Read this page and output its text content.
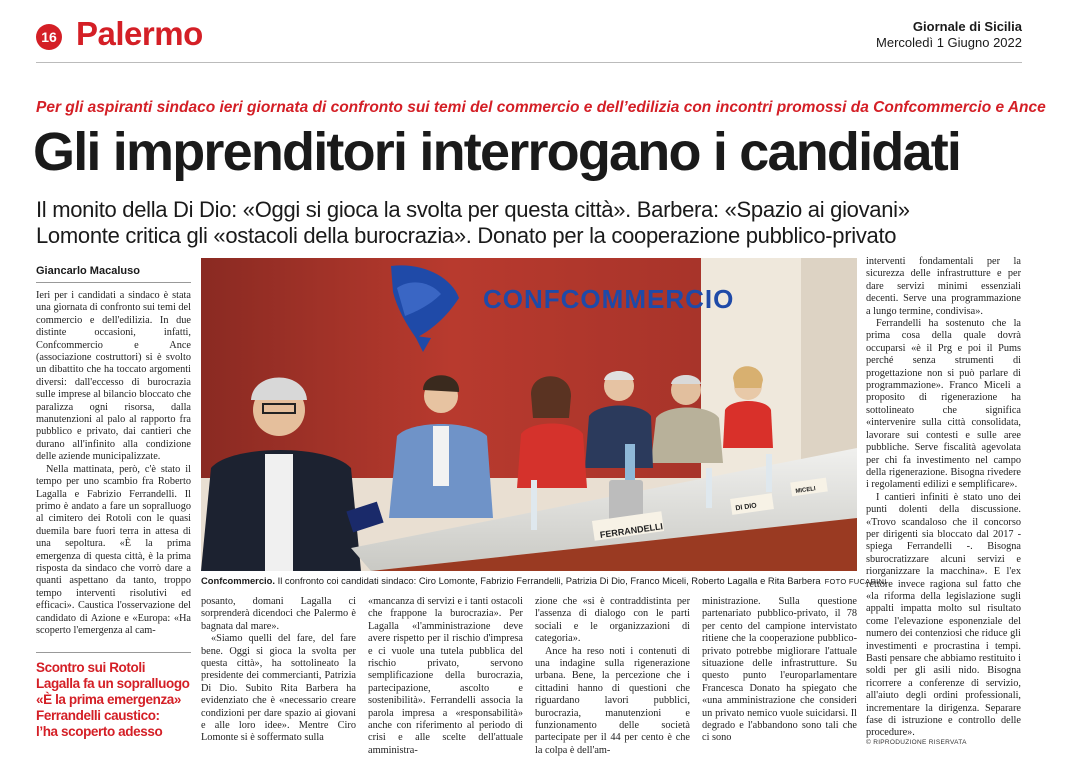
16 Palermo	Giornale di Sicilia
Mercoledì 1 Giugno 2022
Per gli aspiranti sindaco ieri giornata di confronto sui temi del commercio e dell’edilizia con incontri promossi da Confcommercio e Ance
Gli imprenditori interrogano i candidati
Il monito della Di Dio: «Oggi si gioca la svolta per questa città». Barbera: «Spazio ai giovani»
Lomonte critica gli «ostacoli della burocrazia». Donato per la cooperazione pubblico-privato
Giancarlo Macaluso

Ieri per i candidati a sindaco è stata una giornata di confronto sui temi del commercio e dell'edilizia. In due distinte occasioni, infatti, Confcommercio e Ance (associazione costruttori) si è svolto un dibattito che ha toccato argomenti diversi: dall'eccesso di burocrazia sulle imprese al bilancio bloccato che paralizza ogni risorsa, dalla manutenzioni al palo al rapporto fra pubblico e privato, dai cantieri che durano all'infinito alla condizione delle aziende municipalizzate.

Nella mattinata, però, c'è stato il tempo per uno scambio fra Roberto Lagalla e Fabrizio Ferrandelli. Il primo è andato a fare un sopralluogo al cimitero dei Rotoli con le quasi duemila bare fuori terra in attesa di una sepoltura. «È la prima emergenza di questa città, è la prima risposta da sindaco che vorrò dare a quanti aspettano da tanto, troppo tempo interventi risolutivi ed efficaci». Caustica l'osservazione del candidato di Azione e «Europa: «Ha scoperto l'emergenza al cam-

Scontro sui Rotoli
Lagalla fa un sopralluogo
«È la prima emergenza»
Ferrandelli caustico:
l’ha scoperto adesso
CONFCOMMERCIO
FERRANDELLI
DI DIO
MICELI
Confcommercio. Il confronto coi candidati sindaco: Ciro Lomonte, Fabrizio Ferrandelli, Patrizia Di Dio, Franco Miceli, Roberto Lagalla e Rita Barbera FOTO FUCARINI

posanto, domani Lagalla ci sorprenderà dicendoci che Palermo è bagnata dal mare».

«Siamo quelli del fare, del fare bene. Oggi si gioca la svolta per questa città», ha sottolineato la presidente dei commercianti, Patrizia Di Dio. Subito Rita Barbera ha evidenziato che è «necessario creare condizioni per dare spazio ai giovani e alle loro idee». Mentre Ciro Lomonte si è soffermato sulla

«mancanza di servizi e i tanti ostacoli che frappone la burocrazia». Per Lagalla «l'amministrazione deve avere rispetto per il rischio d'impresa e ci vuole una tutela pubblica del rischio privato, servono semplificazione della burocrazia, partecipazione, ascolto e sostenibilità». Ferrandelli associa la parola impresa a «responsabilità» anche con riferimento al periodo di crisi e alle scelte dell'attuale amministra-

zione che «si è contraddistinta per l'assenza di dialogo con le parti sociali e le organizzazioni di categoria».

Ance ha reso noti i contenuti di una indagine sulla rigenerazione urbana. Bene, la percezione che i cittadini hanno di questioni che riguardano lavori pubblici, burocrazia, manutenzioni e funzionamento delle società partecipate per il 44 per cento è che la colpa è dell'am-

ministrazione. Sulla questione partenariato pubblico-privato, il 78 per cento del campione intervistato ritiene che la cooperazione pubblico-privato potrebbe migliorare l'attuale situazione delle infrastrutture. Su questo punto l'europarlamentare Francesca Donato ha spiegato che «una amministrazione che consideri un privato nemico vuole suicidarsi. Il degrado e l'abbandono sono tali che ci sono

interventi fondamentali per la sicurezza delle infrastrutture e per dare servizi minimi essenziali decenti. Serve una programmazione a lungo termine, condivisa».

Ferrandelli ha sostenuto che la prima cosa della quale dovrà occuparsi «è il Prg e poi il Pums perché senza strumenti di progettazione non si può parlare di programmazione». Franco Miceli a proposito di rigenerazione ha sottolineato che significa «intervenire sulla città consolidata, lavorare sui contesti e sulle aree pubbliche. Serve fiscalità agevolata per chi fa investimento nel campo della rigenerazione. Bisogna rivedere i regolamenti edilizi e semplificare».

I cantieri infiniti è stato uno dei punti dolenti della discussione. «Trovo scandaloso che il concorso per dirigenti sia bloccato dal 2017 - spiega Ferrandelli -. Bisogna sburocratizzare alcuni servizi e riorganizzare la macchina». E l'ex rettore invece ragiona sul fatto che «la riforma della legislazione sugli appalti impatta molto sul risultato come l'elevazione esponenziale del numero dei contenziosi che riduce gli investimenti e procrastina i tempi. Basti pensare che abbiamo restituito i soldi per gli asili nido. Bisogna ricorrere a conferenze di servizio, all'aiuto degli ordini professionali, incrementare la dirigenza. Separare fase di istruzione e controllo delle procedure».

© RIPRODUZIONE RISERVATA
